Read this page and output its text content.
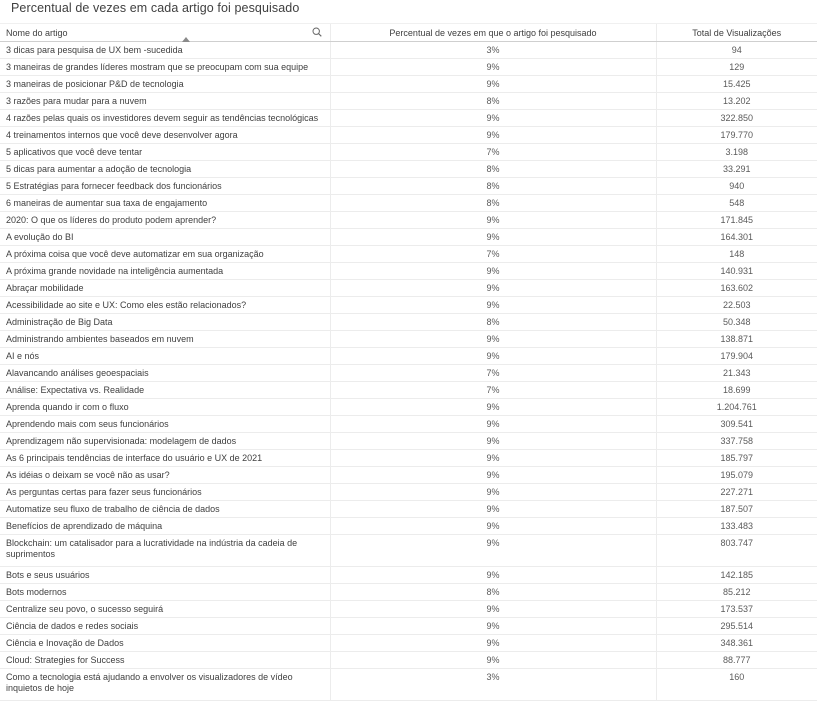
Percentual de vezes em cada artigo foi pesquisado
Nome do artigo	Percentual de vezes em que o artigo foi pesquisado	Total de Visualizações
3 dicas para pesquisa de UX bem -sucedida	3%	94
3 maneiras de grandes líderes mostram que se preocupam com sua equipe	9%	129
3 maneiras de posicionar P&D de tecnologia	9%	15.425
3 razões para mudar para a nuvem	8%	13.202
4 razões pelas quais os investidores devem seguir as tendências tecnológicas	9%	322.850
4 treinamentos internos que você deve desenvolver agora	9%	179.770
5 aplicativos que você deve tentar	7%	3.198
5 dicas para aumentar a adoção de tecnologia	8%	33.291
5 Estratégias para fornecer feedback dos funcionários	8%	940
6 maneiras de aumentar sua taxa de engajamento	8%	548
2020: O que os líderes do produto podem aprender?	9%	171.845
A evolução do BI	9%	164.301
A próxima coisa que você deve automatizar em sua organização	7%	148
A próxima grande novidade na inteligência aumentada	9%	140.931
Abraçar mobilidade	9%	163.602
Acessibilidade ao site e UX: Como eles estão relacionados?	9%	22.503
Administração de Big Data	8%	50.348
Administrando ambientes baseados em nuvem	9%	138.871
AI e nós	9%	179.904
Alavancando análises geoespaciais	7%	21.343
Análise: Expectativa vs. Realidade	7%	18.699
Aprenda quando ir com o fluxo	9%	1.204.761
Aprendendo mais com seus funcionários	9%	309.541
Aprendizagem não supervisionada: modelagem de dados	9%	337.758
As 6 principais tendências de interface do usuário e UX de 2021	9%	185.797
As idéias o deixam se você não as usar?	9%	195.079
As perguntas certas para fazer seus funcionários	9%	227.271
Automatize seu fluxo de trabalho de ciência de dados	9%	187.507
Benefícios de aprendizado de máquina	9%	133.483
Blockchain: um catalisador para a lucratividade na indústria da cadeia de suprimentos	9%	803.747
Bots e seus usuários	9%	142.185
Bots modernos	8%	85.212
Centralize seu povo, o sucesso seguirá	9%	173.537
Ciência de dados e redes sociais	9%	295.514
Ciência e Inovação de Dados	9%	348.361
Cloud: Strategies for Success	9%	88.777
Como a tecnologia está ajudando a envolver os visualizadores de vídeo inquietos de hoje	3%	160
